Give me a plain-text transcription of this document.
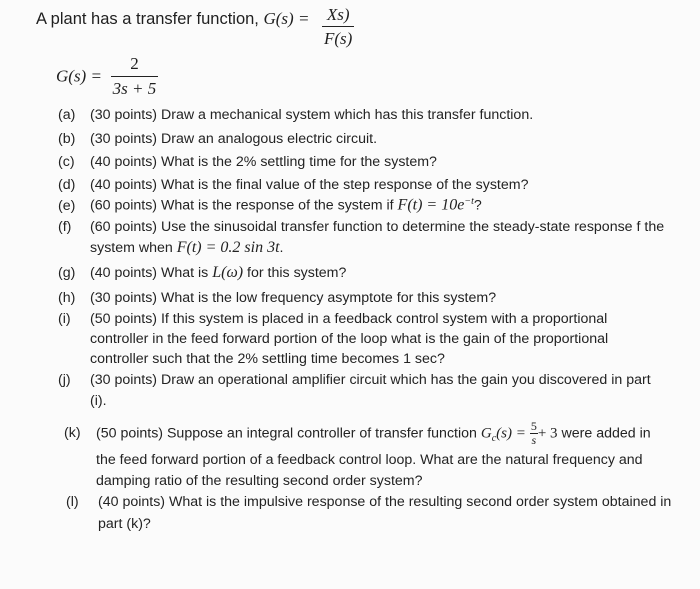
A plant has a transfer function, $G(s) = \frac{Xs)}{F(s)}$
$G(s) = \frac{2}{3s + 5}$
(a) (30 points) Draw a mechanical system which has this transfer function.
(b) (30 points) Draw an analogous electric circuit.
(c) (40 points) What is the 2% settling time for the system?
(d) (40 points) What is the final value of the step response of the system?
(e) (60 points) What is the response of the system if $F(t) = 10e^{-t}$?
(f) (60 points) Use the sinusoidal transfer function to determine the steady-state response f the
system when F(t) = 0.2 sin 3t.
(g) (40 points) What is L(ω) for this system?
(h) (30 points) What is the low frequency asymptote for this system?
(i) (50 points) If this system is placed in a feedback control system with a proportional
controller in the feed forward portion of the loop what is the gain of the proportional
controller such that the 2% settling time becomes 1 sec?
(j) (30 points) Draw an operational amplifier circuit which has the gain you discovered in part
(i).
(k) (50 points) Suppose an integral controller of transfer function $G_c(s) = \frac{5}{s} + 3$ were added in
the feed forward portion of a feedback control loop. What are the natural frequency and
damping ratio of the resulting second order system?
(l) (40 points) What is the impulsive response of the resulting second order system obtained in
part (k)?
